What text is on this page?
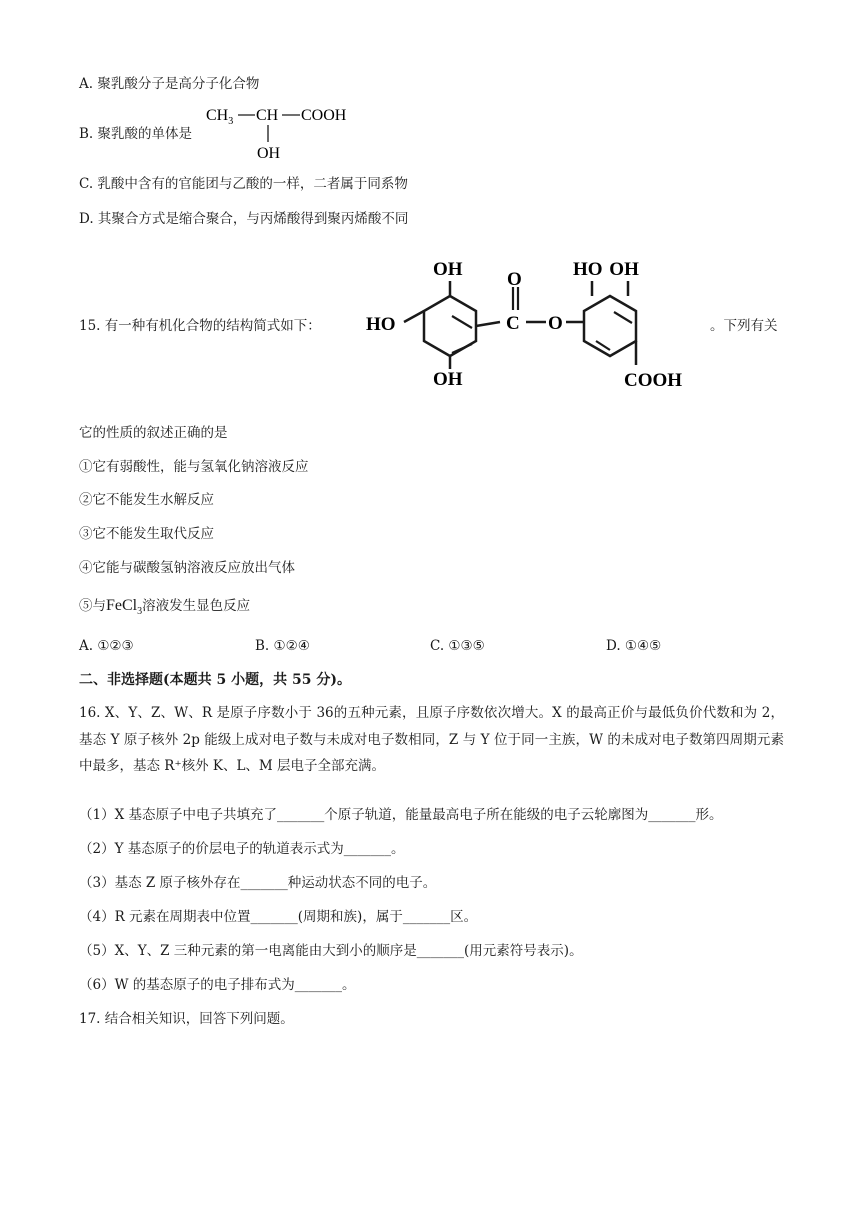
A. 聚乳酸分子是高分子化合物
B. 聚乳酸的单体是
$CH_3$ CH COOH
OH
C. 乳酸中含有的官能团与乙酸的一样，二者属于同系物
D. 其聚合方式是缩合聚合，与丙烯酸得到聚丙烯酸不同
15. 有一种有机化合物的结构简式如下：
OH
HO
OH
O
C O
HO OH
COOH
。下列有关
它的性质的叙述正确的是
①它有弱酸性，能与氢氧化钠溶液反应
②它不能发生水解反应
③它不能发生取代反应
④它能与碳酸氢钠溶液反应放出气体
⑤与FeCl$_3$溶液发生显色反应
A. ①②③	B. ①②④	C. ①③⑤	D. ①④⑤
二、非选择题(本题共 5 小题，共 55 分)。
16. X、Y、Z、W、R 是原子序数小于 36的五种元素，且原子序数依次增大。X 的最高正价与最低负价代数和为 2，基态 Y 原子核外 2p 能级上成对电子数与未成对电子数相同，Z 与 Y 位于同一主族，W 的未成对电子数第四周期元素中最多，基态 R⁺核外 K、L、M 层电子全部充满。
（1）X 基态原子中电子共填充了_______个原子轨道，能量最高电子所在能级的电子云轮廓图为_______形。
（2）Y 基态原子的价层电子的轨道表示式为_______。
（3）基态 Z 原子核外存在_______种运动状态不同的电子。
（4）R 元素在周期表中位置_______(周期和族)，属于_______区。
（5）X、Y、Z 三种元素的第一电离能由大到小的顺序是_______(用元素符号表示)。
（6）W 的基态原子的电子排布式为_______。
17. 结合相关知识，回答下列问题。
